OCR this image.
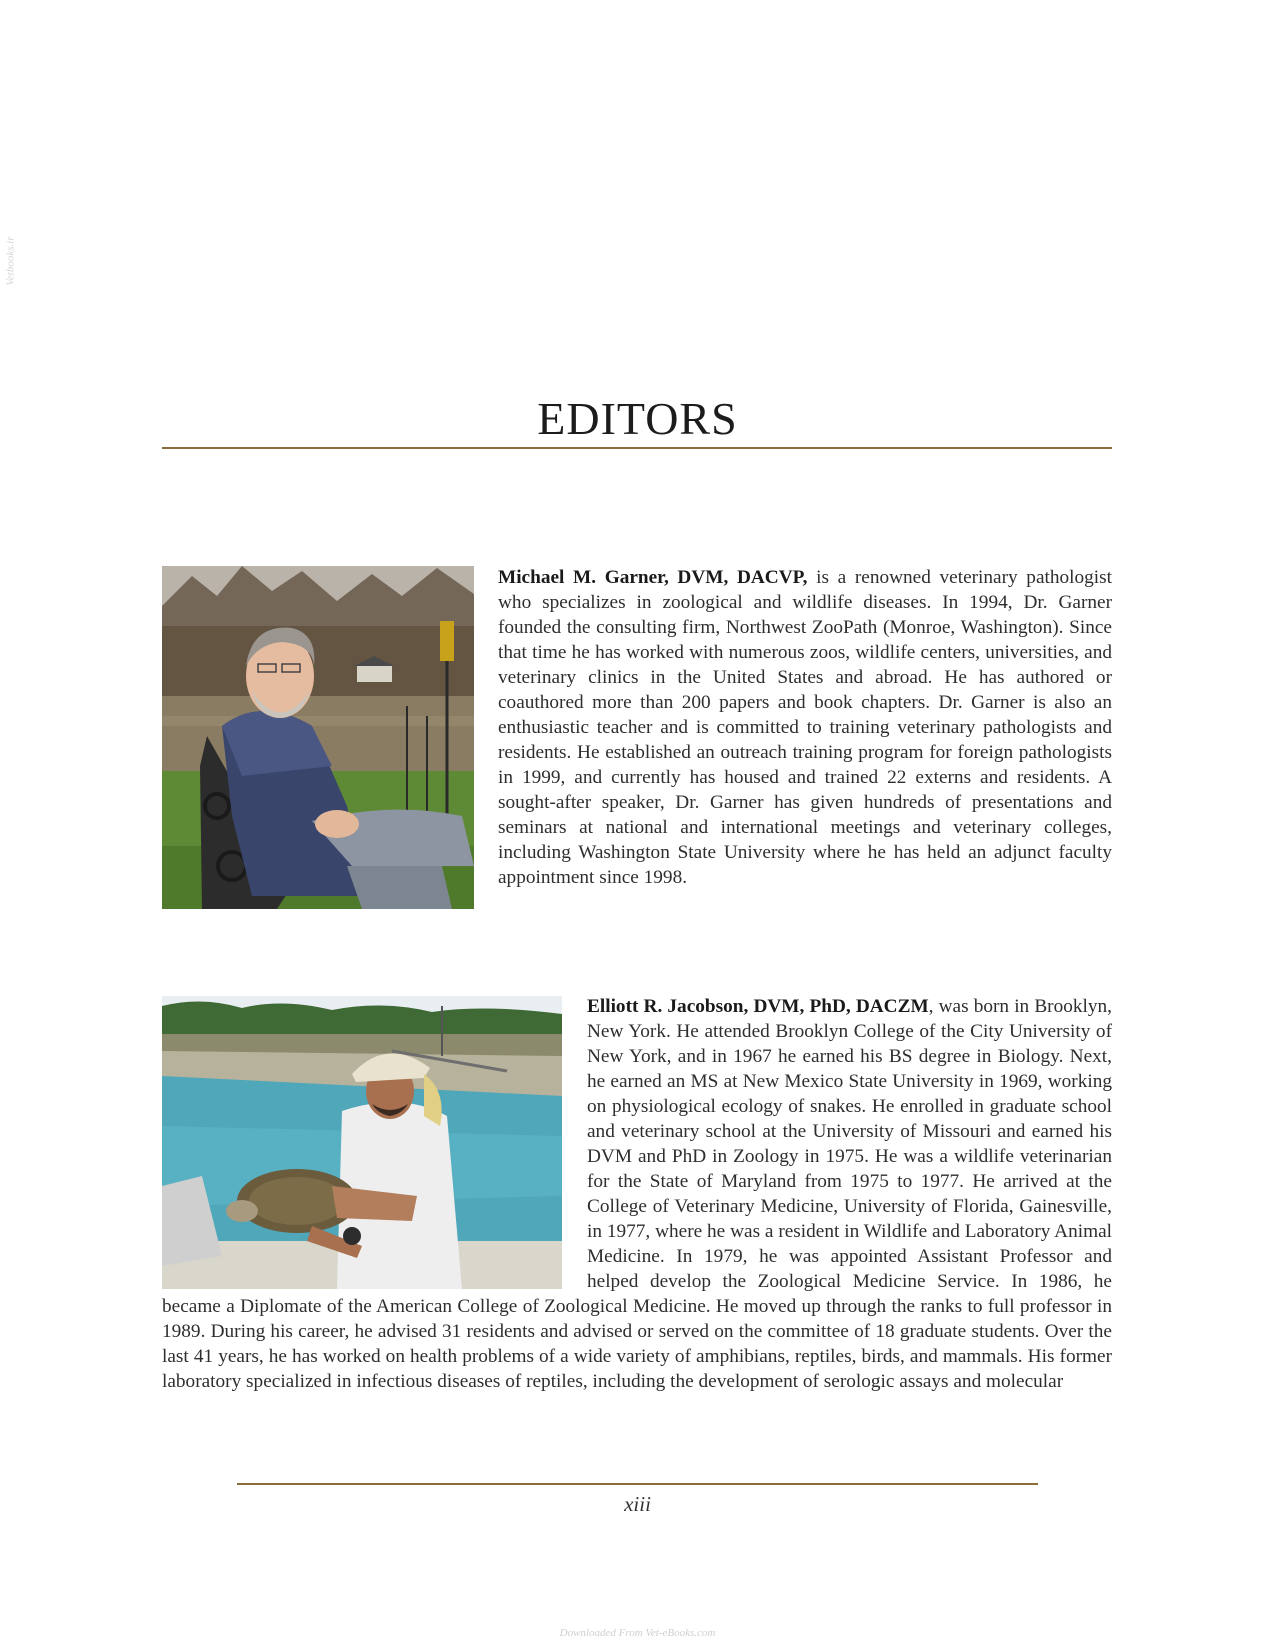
Vetbooks.ir
EDITORS
Michael M. Garner, DVM, DACVP, is a renowned veterinary pathologist who specializes in zoological and wildlife diseases. In 1994, Dr. Garner founded the consulting firm, Northwest ZooPath (Monroe, Washington). Since that time he has worked with numerous zoos, wildlife centers, universities, and veterinary clinics in the United States and abroad. He has authored or coauthored more than 200 papers and book chapters. Dr. Garner is also an enthusiastic teacher and is committed to training veterinary pathologists and residents. He established an outreach training program for foreign pathologists in 1999, and currently has housed and trained 22 externs and residents. A sought-after speaker, Dr. Garner has given hundreds of presentations and seminars at national and international meetings and veterinary colleges, including Washington State University where he has held an adjunct faculty appointment since 1998.
Elliott R. Jacobson, DVM, PhD, DACZM, was born in Brooklyn, New York. He attended Brooklyn College of the City University of New York, and in 1967 he earned his BS degree in Biology. Next, he earned an MS at New Mexico State University in 1969, working on physiological ecology of snakes. He enrolled in graduate school and veterinary school at the University of Missouri and earned his DVM and PhD in Zoology in 1975. He was a wildlife veterinarian for the State of Maryland from 1975 to 1977. He arrived at the College of Veterinary Medicine, University of Florida, Gainesville, in 1977, where he was a resident in Wildlife and Laboratory Animal Medicine. In 1979, he was appointed Assistant Professor and helped develop the Zoological Medicine Service. In 1986, he became a Diplomate of the American College of Zoological Medicine. He moved up through the ranks to full professor in 1989. During his career, he advised 31 residents and advised or served on the committee of 18 graduate students. Over the last 41 years, he has worked on health problems of a wide variety of amphibians, reptiles, birds, and mammals. His former laboratory specialized in infectious diseases of reptiles, including the development of serologic assays and molecular
xiii
Downloaded From Vet-eBooks.com
